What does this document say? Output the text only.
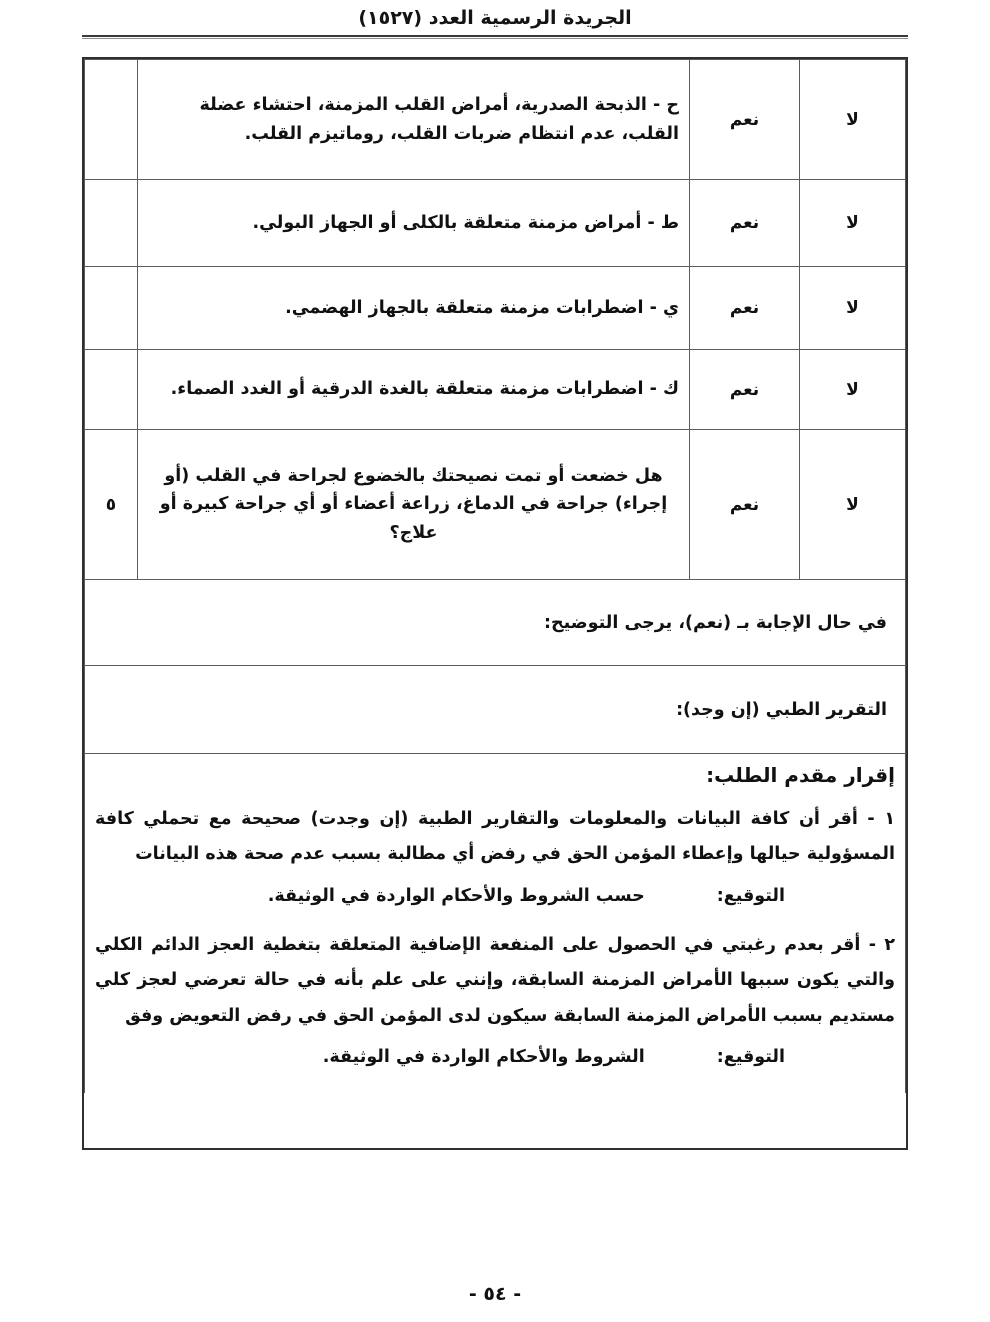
الجريدة الرسمية العدد (١٥٢٧)
لا	نعم	ح - الذبحة الصدرية، أمراض القلب المزمنة، احتشاء عضلة القلب، عدم انتظام ضربات القلب، روماتيزم القلب.	

لا	نعم	ط - أمراض مزمنة متعلقة بالكلى أو الجهاز البولي.	

لا	نعم	ي - اضطرابات مزمنة متعلقة بالجهاز الهضمي.	

لا	نعم	ك - اضطرابات مزمنة متعلقة بالغدة الدرقية أو الغدد الصماء.	

لا	نعم	هل خضعت أو تمت نصيحتك بالخضوع لجراحة في القلب (أو إجراء) جراحة في الدماغ، زراعة أعضاء أو أي جراحة كبيرة أو علاج؟	٥
في حال الإجابة بـ (نعم)، يرجى التوضيح:			
التقرير الطبي (إن وجد):			

إقرار مقدم الطلب:

١ - أقر أن كافة البيانات والمعلومات والتقارير الطبية (إن وجدت) صحيحة مع تحملي كافة المسؤولية حيالها وإعطاء المؤمن الحق في رفض أي مطالبة بسبب عدم صحة هذه البيانات

التوقيع:
حسب الشروط والأحكام الواردة في الوثيقة.

٢ - أقر بعدم رغبتي في الحصول على المنفعة الإضافية المتعلقة بتغطية العجز الدائم الكلي والتي يكون سببها الأمراض المزمنة السابقة، وإنني على علم بأنه في حالة تعرضي لعجز كلي مستديم بسبب الأمراض المزمنة السابقة سيكون لدى المؤمن الحق في رفض التعويض وفق

التوقيع:
الشروط والأحكام الواردة في الوثيقة.
- ٥٤ -
